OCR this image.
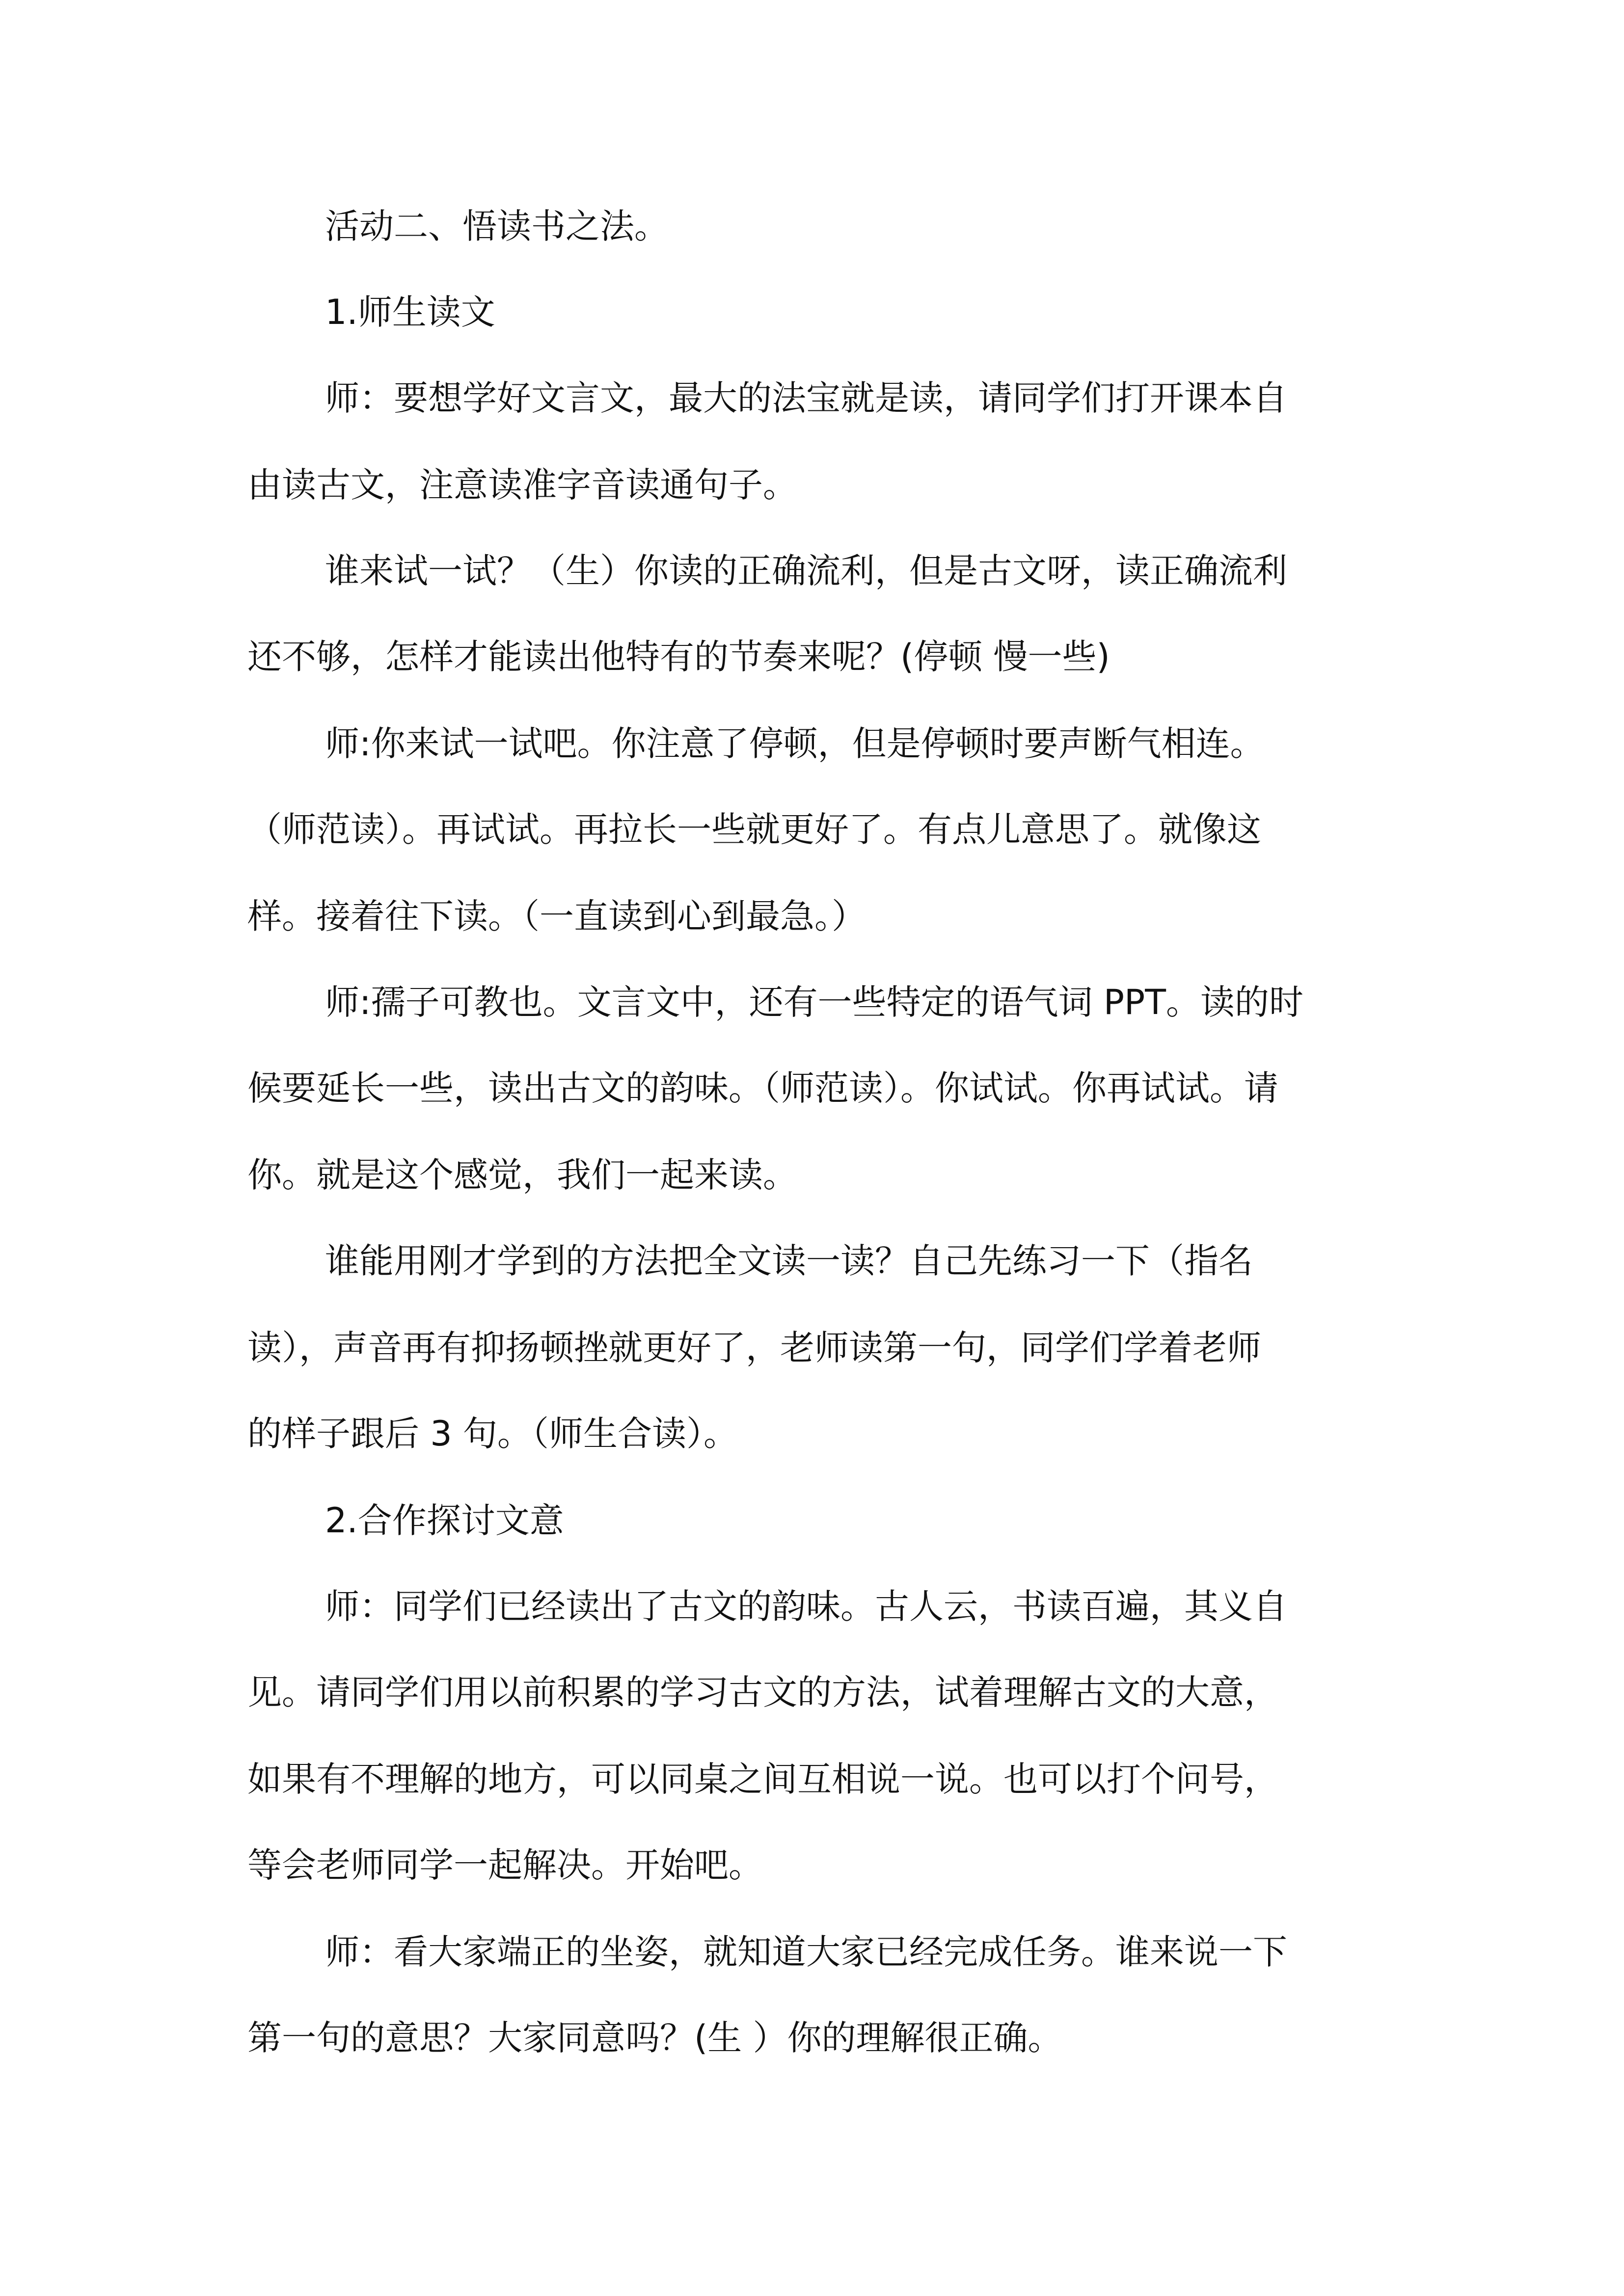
活动二、悟读书之法。
1.师生读文
师：要想学好文言文，最大的法宝就是读，请同学们打开课本自
由读古文，注意读准字音读通句子。
谁来试一试？（生）你读的正确流利，但是古文呀，读正确流利
还不够，怎样才能读出他特有的节奏来呢？(停顿 慢一些)
师:你来试一试吧。你注意了停顿，但是停顿时要声断气相连。
（师范读）。再试试。再拉长一些就更好了。有点儿意思了。就像这
样。接着往下读。（一直读到心到最急。）
师:孺子可教也。文言文中，还有一些特定的语气词 PPT。读的时
候要延长一些，读出古文的韵味。（师范读）。你试试。你再试试。请
你。就是这个感觉，我们一起来读。
谁能用刚才学到的方法把全文读一读？自己先练习一下（指名
读），声音再有抑扬顿挫就更好了，老师读第一句，同学们学着老师
的样子跟后 3 句。（师生合读）。
2.合作探讨文意
师：同学们已经读出了古文的韵味。古人云，书读百遍，其义自
见。请同学们用以前积累的学习古文的方法，试着理解古文的大意，
如果有不理解的地方，可以同桌之间互相说一说。也可以打个问号，
等会老师同学一起解决。开始吧。
师：看大家端正的坐姿，就知道大家已经完成任务。谁来说一下
第一句的意思？大家同意吗？(生 ）你的理解很正确。
